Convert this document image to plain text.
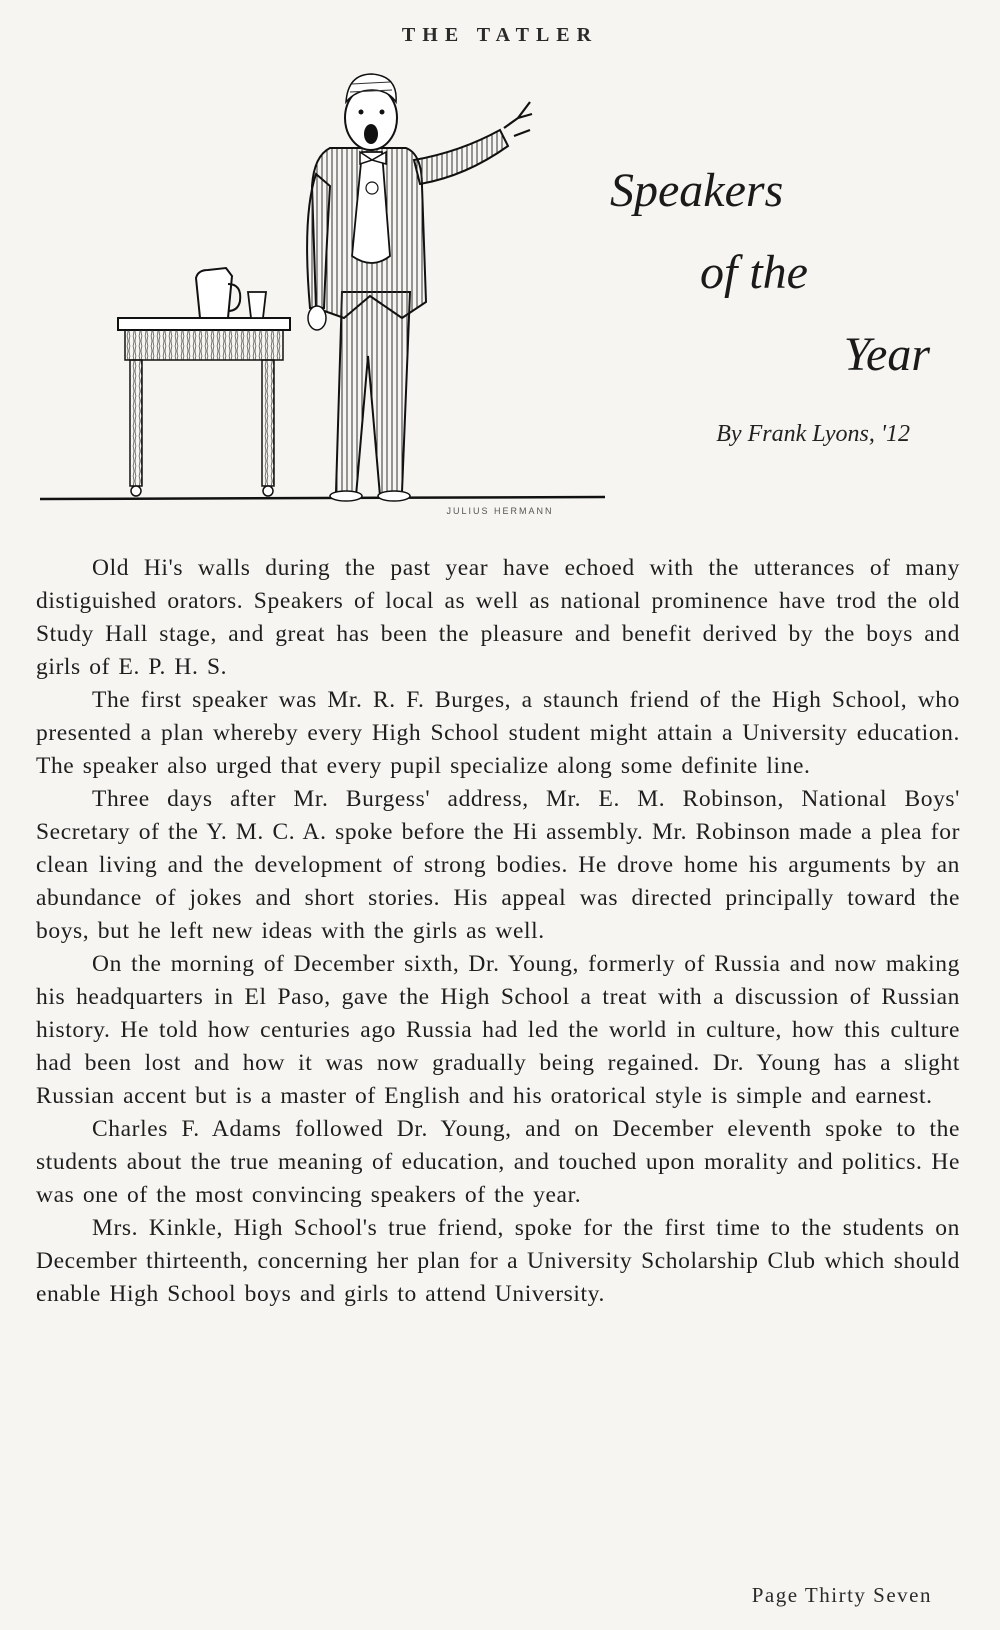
THE TATLER
JULIUS HERMANN
Speakers
of the
Year
By Frank Lyons, '12

Old Hi's walls during the past year have echoed with the utterances of many distiguished orators. Speakers of local as well as national prominence have trod the old Study Hall stage, and great has been the pleasure and benefit derived by the boys and girls of E. P. H. S.

The first speaker was Mr. R. F. Burges, a staunch friend of the High School, who presented a plan whereby every High School student might attain a University education. The speaker also urged that every pupil specialize along some definite line.

Three days after Mr. Burgess' address, Mr. E. M. Robinson, National Boys' Secretary of the Y. M. C. A. spoke before the Hi assembly. Mr. Robinson made a plea for clean living and the development of strong bodies. He drove home his arguments by an abundance of jokes and short stories. His appeal was directed principally toward the boys, but he left new ideas with the girls as well.

On the morning of December sixth, Dr. Young, formerly of Russia and now making his headquarters in El Paso, gave the High School a treat with a discussion of Russian history. He told how centuries ago Russia had led the world in culture, how this culture had been lost and how it was now gradually being regained. Dr. Young has a slight Russian accent but is a master of English and his oratorical style is simple and earnest.

Charles F. Adams followed Dr. Young, and on December eleventh spoke to the students about the true meaning of education, and touched upon morality and politics. He was one of the most convincing speakers of the year.

Mrs. Kinkle, High School's true friend, spoke for the first time to the students on December thirteenth, concerning her plan for a University Scholarship Club which should enable High School boys and girls to attend University.

Page Thirty Seven
